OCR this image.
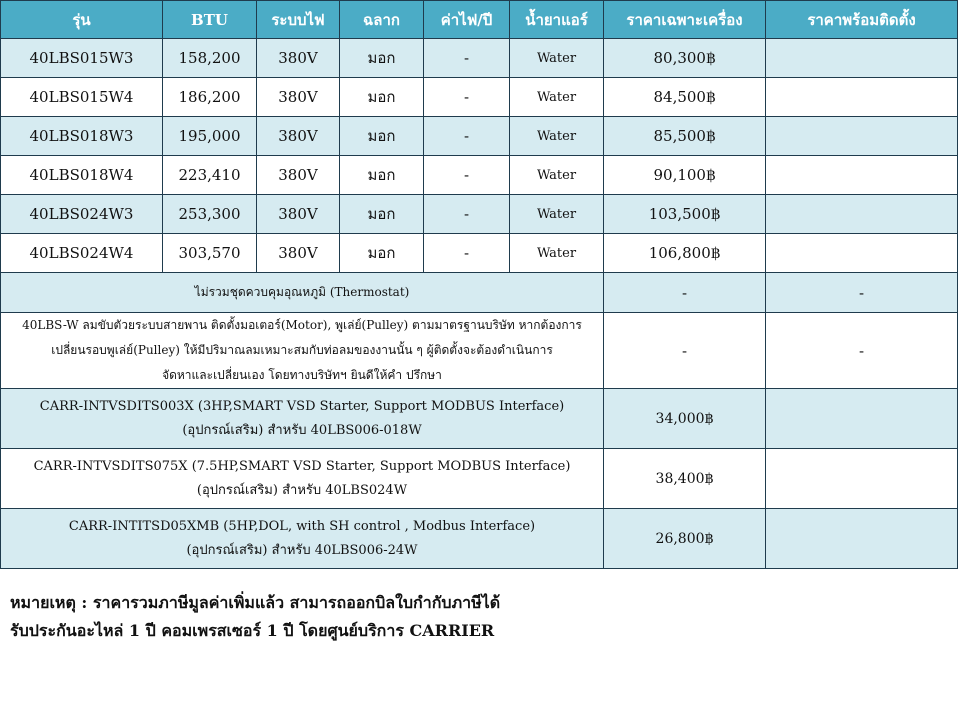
รุ่น	BTU	ระบบไฟ	ฉลาก	ค่าไฟ/ปี	น้ำยาแอร์	ราคาเฉพาะเครื่อง	ราคาพร้อมติดตั้ง
40LBS015W3	158,200	380V	มอก	-	Water	80,300฿	
40LBS015W4	186,200	380V	มอก	-	Water	84,500฿	
40LBS018W3	195,000	380V	มอก	-	Water	85,500฿	
40LBS018W4	223,410	380V	มอก	-	Water	90,100฿	
40LBS024W3	253,300	380V	มอก	-	Water	103,500฿	
40LBS024W4	303,570	380V	มอก	-	Water	106,800฿	
ไม่รวมชุดควบคุมอุณหภูมิ (Thermostat)						-	-

40LBS-W ลมขับตัวยระบบสายพาน ติดตั้งมอเตอร์(Motor), พูเล่ย์(Pulley) ตามมาตรฐานบริษัท หากต้องการ
เปลี่ยนรอบพูเล่ย์(Pulley) ให้มีปริมาณลมเหมาะสมกับท่อลมของงานนั้น ๆ ผู้ติดตั้งจะต้องดำเนินการ
จัดหาและเปลี่ยนเอง โดยทางบริษัทฯ ยินดีให้คำ ปรึกษา						-	-

CARR-INTVSDITS003X (3HP,SMART VSD Starter, Support MODBUS Interface)
(อุปกรณ์เสริม) สำหรับ 40LBS006-018W						34,000฿	

CARR-INTVSDITS075X (7.5HP,SMART VSD Starter, Support MODBUS Interface)
(อุปกรณ์เสริม) สำหรับ 40LBS024W						38,400฿	

CARR-INTITSD05XMB (5HP,DOL, with SH control , Modbus Interface)
(อุปกรณ์เสริม) สำหรับ 40LBS006-24W						26,800฿	
หมายเหตุ : ราคารวมภาษีมูลค่าเพิ่มแล้ว สามารถออกบิลใบกำกับภาษีได้
รับประกันอะไหล่ 1 ปี คอมเพรสเซอร์ 1 ปี โดยศูนย์บริการ CARRIER
